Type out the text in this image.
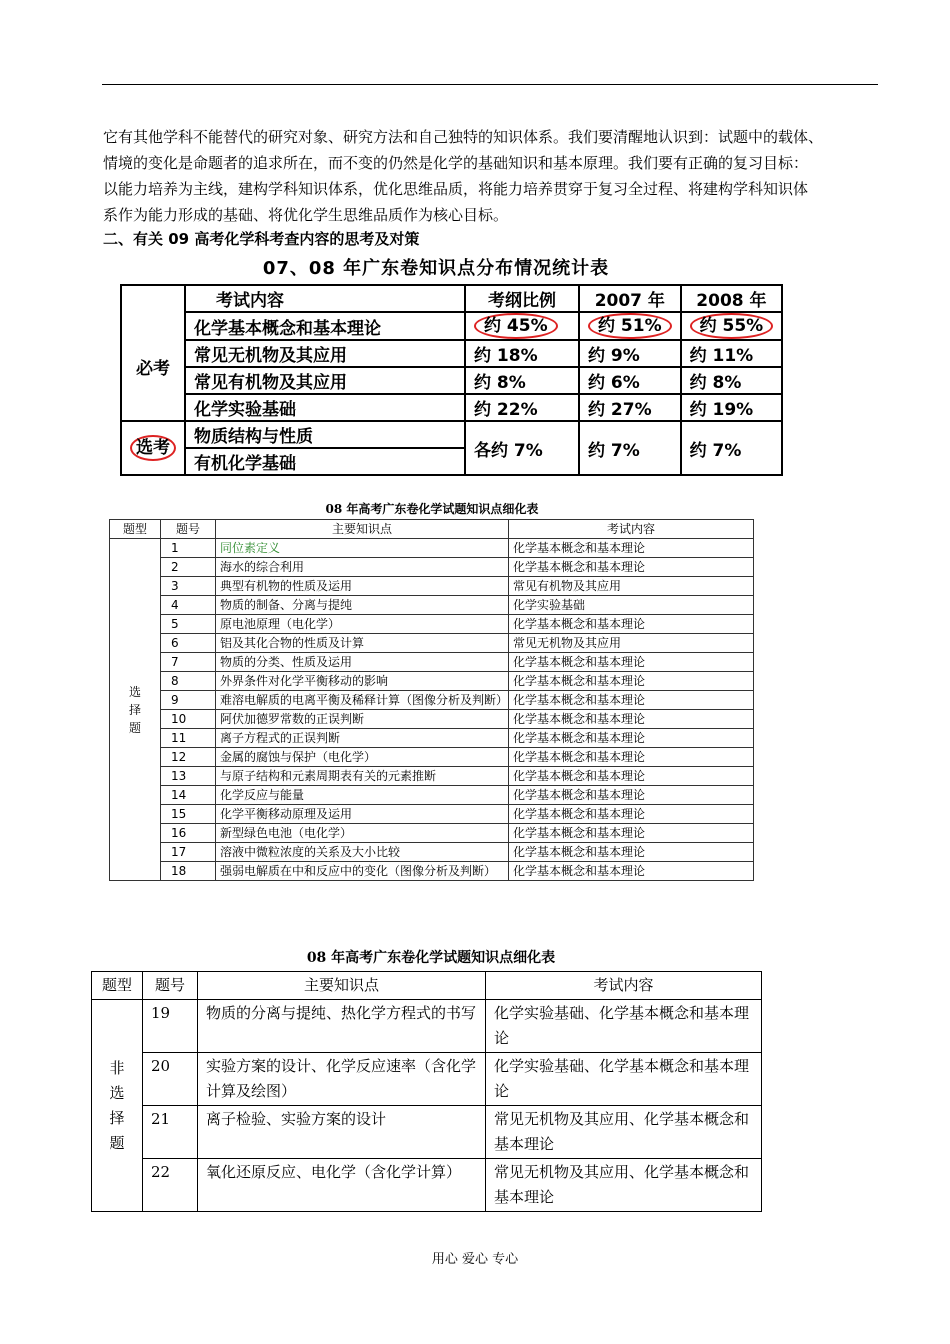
它有其他学科不能替代的研究对象、研究方法和自己独特的知识体系。我们要清醒地认识到：试题中的载体、

情境的变化是命题者的追求所在，而不变的仍然是化学的基础知识和基本原理。我们要有正确的复习目标：

以能力培养为主线，建构学科知识体系，优化思维品质，将能力培养贯穿于复习全过程、将建构学科知识体

系作为能力形成的基础、将优化学生思维品质作为核心目标。

二、有关 09 高考化学科考查内容的思考及对策
07、08 年广东卷知识点分布情况统计表
	考试内容	考纲比例	2007 年	2008 年
必考	化学基本概念和基本理论	约 45%	约 51%	约 55%
	常见无机物及其应用	约 18%	约 9%	约 11%
	常见有机物及其应用	约 8%	约 6%	约 8%
	化学实验基础	约 22%	约 27%	约 19%
选考	物质结构与性质	各约 7%	约 7%	约 7%
	有机化学基础			
08 年高考广东卷化学试题知识点细化表
题型	题号	主要知识点	考试内容

选择题	1	同位素定义	化学基本概念和基本理论
	2	海水的综合利用	化学基本概念和基本理论
	3	典型有机物的性质及运用	常见有机物及其应用
	4	物质的制备、分离与提纯	化学实验基础
	5	原电池原理（电化学）	化学基本概念和基本理论
	6	铝及其化合物的性质及计算	常见无机物及其应用
	7	物质的分类、性质及运用	化学基本概念和基本理论
	8	外界条件对化学平衡移动的影响	化学基本概念和基本理论
	9	难溶电解质的电离平衡及稀释计算（图像分析及判断）	化学基本概念和基本理论
	10	阿伏加德罗常数的正误判断	化学基本概念和基本理论
	11	离子方程式的正误判断	化学基本概念和基本理论
	12	金属的腐蚀与保护（电化学）	化学基本概念和基本理论
	13	与原子结构和元素周期表有关的元素推断	化学基本概念和基本理论
	14	化学反应与能量	化学基本概念和基本理论
	15	化学平衡移动原理及运用	化学基本概念和基本理论
	16	新型绿色电池（电化学）	化学基本概念和基本理论
	17	溶液中微粒浓度的关系及大小比较	化学基本概念和基本理论
	18	强弱电解质在中和反应中的变化（图像分析及判断）	化学基本概念和基本理论
08 年高考广东卷化学试题知识点细化表
题型	题号	主要知识点	考试内容

非
选
择
题	19	物质的分离与提纯、热化学方程式的书写	化学实验基础、化学基本概念和基本理论
	20	实验方案的设计、化学反应速率（含化学计算及绘图）	化学实验基础、化学基本概念和基本理论
	21	离子检验、实验方案的设计	常见无机物及其应用、化学基本概念和基本理论
	22	氧化还原反应、电化学（含化学计算）	常见无机物及其应用、化学基本概念和基本理论
用心 爱心 专心
